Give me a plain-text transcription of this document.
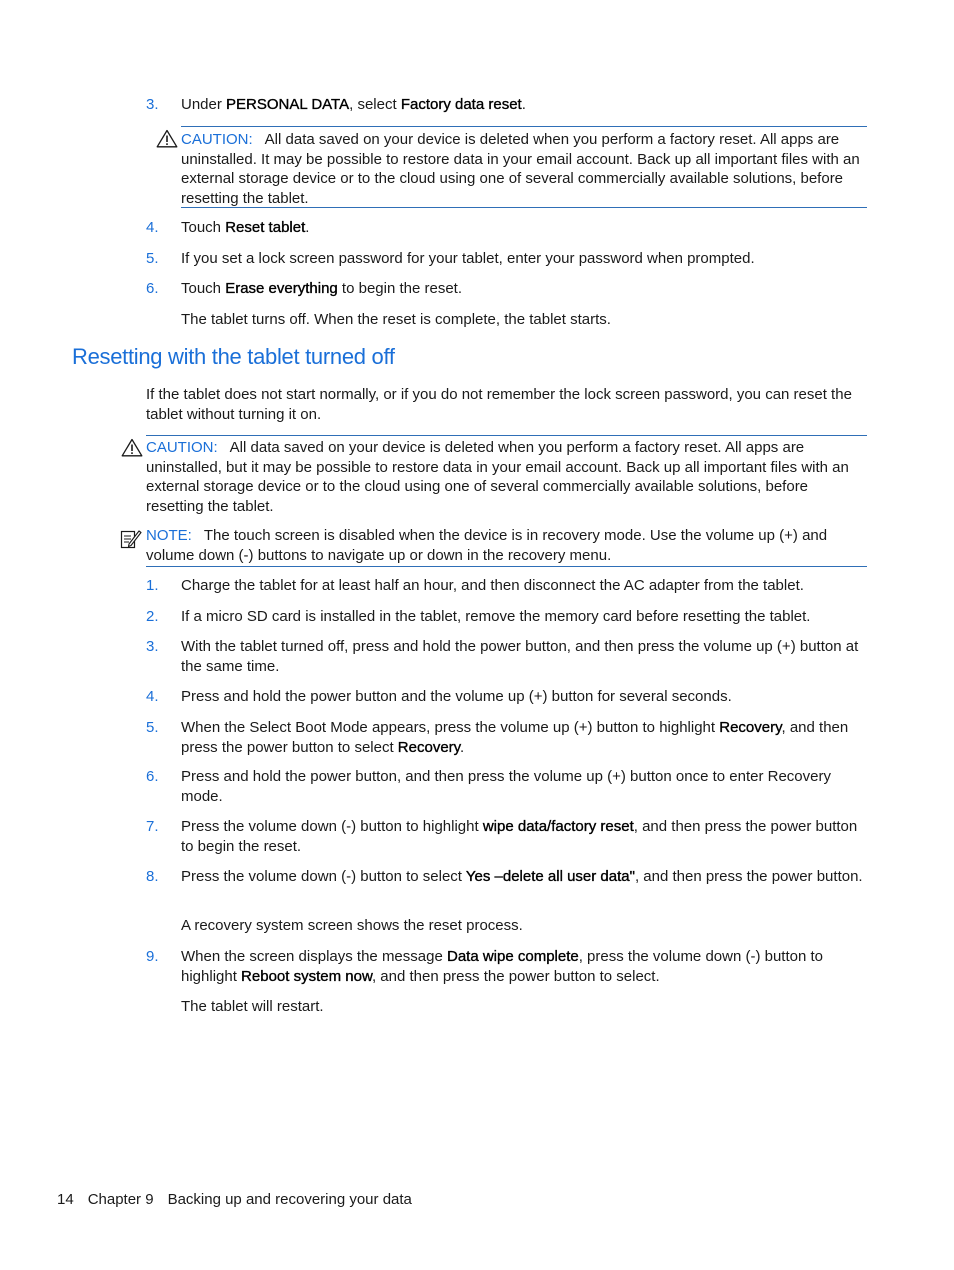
3. Under PERSONAL DATA, select Factory data reset.
CAUTION: All data saved on your device is deleted when you perform a factory reset. All apps are uninstalled. It may be possible to restore data in your email account. Back up all important files with an external storage device or to the cloud using one of several commercially available solutions, before resetting the tablet.
4. Touch Reset tablet.
5. If you set a lock screen password for your tablet, enter your password when prompted.
6. Touch Erase everything to begin the reset.
The tablet turns off. When the reset is complete, the tablet starts.
Resetting with the tablet turned off
If the tablet does not start normally, or if you do not remember the lock screen password, you can reset the tablet without turning it on.
CAUTION: All data saved on your device is deleted when you perform a factory reset. All apps are uninstalled, but it may be possible to restore data in your email account. Back up all important files with an external storage device or to the cloud using one of several commercially available solutions, before resetting the tablet.
NOTE: The touch screen is disabled when the device is in recovery mode. Use the volume up (+) and volume down (-) buttons to navigate up or down in the recovery menu.
1. Charge the tablet for at least half an hour, and then disconnect the AC adapter from the tablet.
2. If a micro SD card is installed in the tablet, remove the memory card before resetting the tablet.
3. With the tablet turned off, press and hold the power button, and then press the volume up (+) button at the same time.
4. Press and hold the power button and the volume up (+) button for several seconds.
5. When the Select Boot Mode appears, press the volume up (+) button to highlight Recovery, and then press the power button to select Recovery.
6. Press and hold the power button, and then press the volume up (+) button once to enter Recovery mode.
7. Press the volume down (-) button to highlight wipe data/factory reset, and then press the power button to begin the reset.
8. Press the volume down (-) button to select Yes –delete all user data", and then press the power button.
A recovery system screen shows the reset process.
9. When the screen displays the message Data wipe complete, press the volume down (-) button to highlight Reboot system now, and then press the power button to select.
The tablet will restart.
14 Chapter 9 Backing up and recovering your data
